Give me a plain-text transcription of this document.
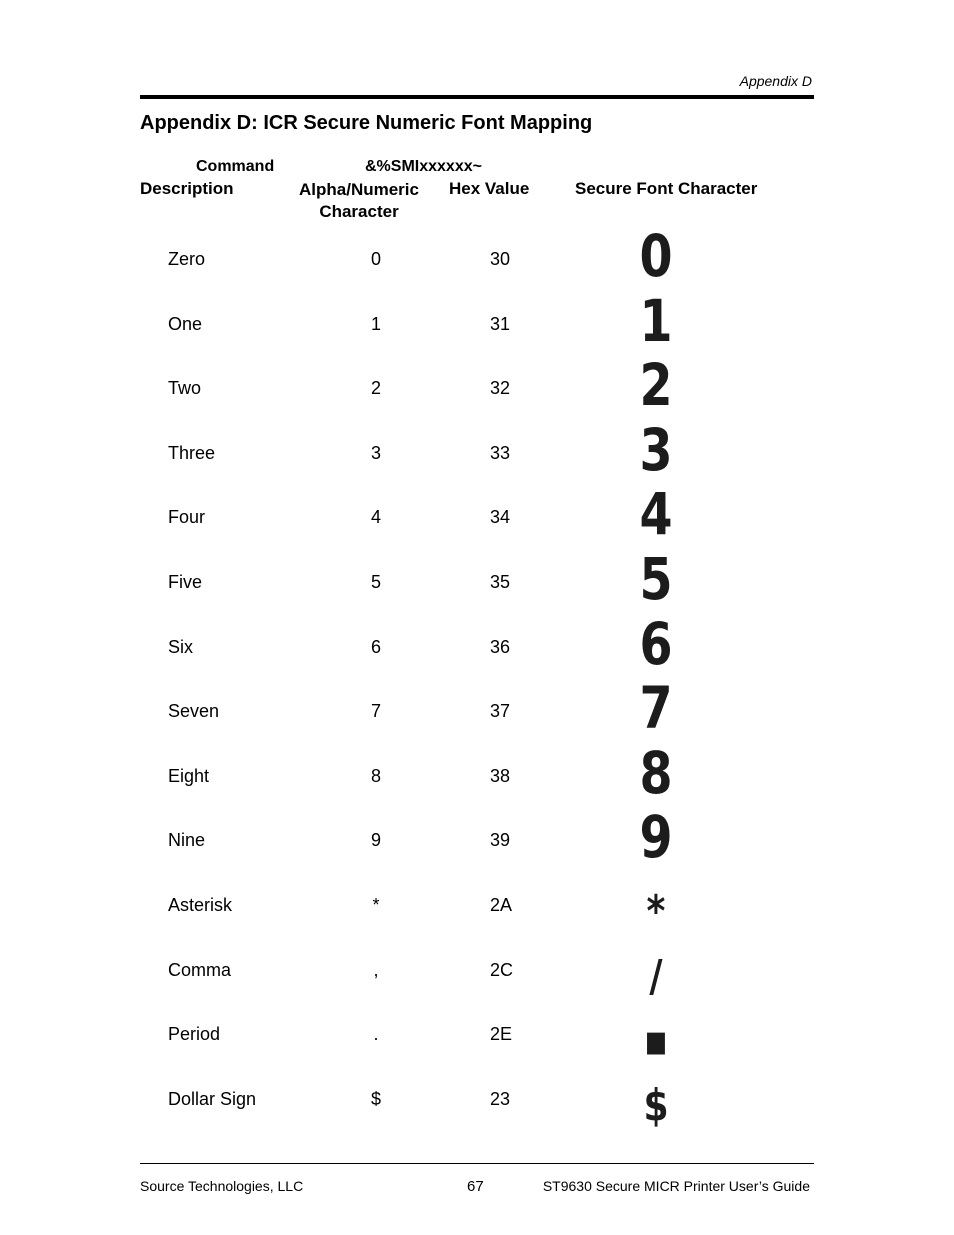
Appendix D
Appendix D: ICR Secure Numeric Font Mapping
Command	&%SMIxxxxxx~
Description	Alpha/Numeric
Character
Hex Value	Secure Font Character
Zero	0	30	0
One	1	31	1
Two	2	32	2
Three	3	33	3
Four	4	34	4
Five	5	35	5
Six	6	36	6
Seven	7	37	7
Eight	8	38	8
Nine	9	39	9
Asterisk	*	2A	*
Comma	,	2C	/
Period	.	2E	▪
Dollar Sign	$	23	$
Source Technologies, LLC	67	ST9630 Secure MICR Printer User’s Guide
